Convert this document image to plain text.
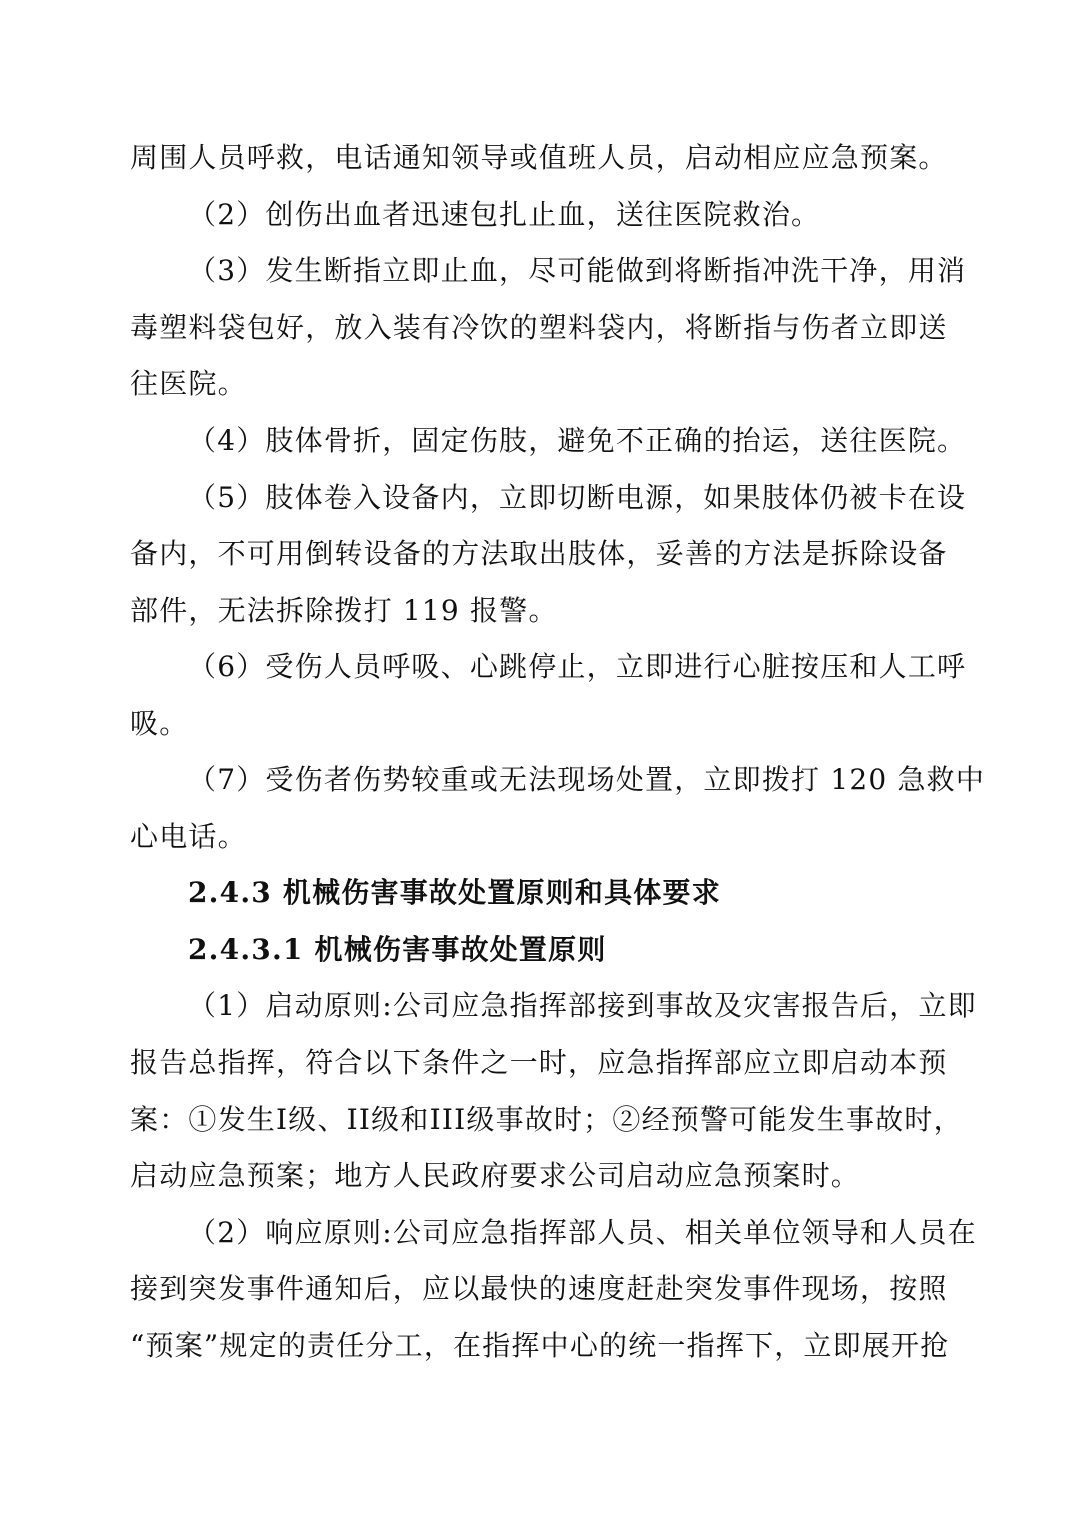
周围人员呼救，电话通知领导或值班人员，启动相应应急预案。
（2）创伤出血者迅速包扎止血，送往医院救治。
（3）发生断指立即止血，尽可能做到将断指冲洗干净，用消
毒塑料袋包好，放入装有冷饮的塑料袋内，将断指与伤者立即送
往医院。
（4）肢体骨折，固定伤肢，避免不正确的抬运，送往医院。
（5）肢体卷入设备内，立即切断电源，如果肢体仍被卡在设
备内，不可用倒转设备的方法取出肢体，妥善的方法是拆除设备
部件，无法拆除拨打 119 报警。
（6）受伤人员呼吸、心跳停止，立即进行心脏按压和人工呼
吸。
（7）受伤者伤势较重或无法现场处置，立即拨打 120 急救中
心电话。
2.4.3 机械伤害事故处置原则和具体要求
2.4.3.1 机械伤害事故处置原则
（1）启动原则:公司应急指挥部接到事故及灾害报告后，立即
报告总指挥，符合以下条件之一时，应急指挥部应立即启动本预
案：①发生I级、II级和III级事故时；②经预警可能发生事故时，
启动应急预案；地方人民政府要求公司启动应急预案时。
（2）响应原则:公司应急指挥部人员、相关单位领导和人员在
接到突发事件通知后，应以最快的速度赶赴突发事件现场，按照
“预案”规定的责任分工，在指挥中心的统一指挥下，立即展开抢
